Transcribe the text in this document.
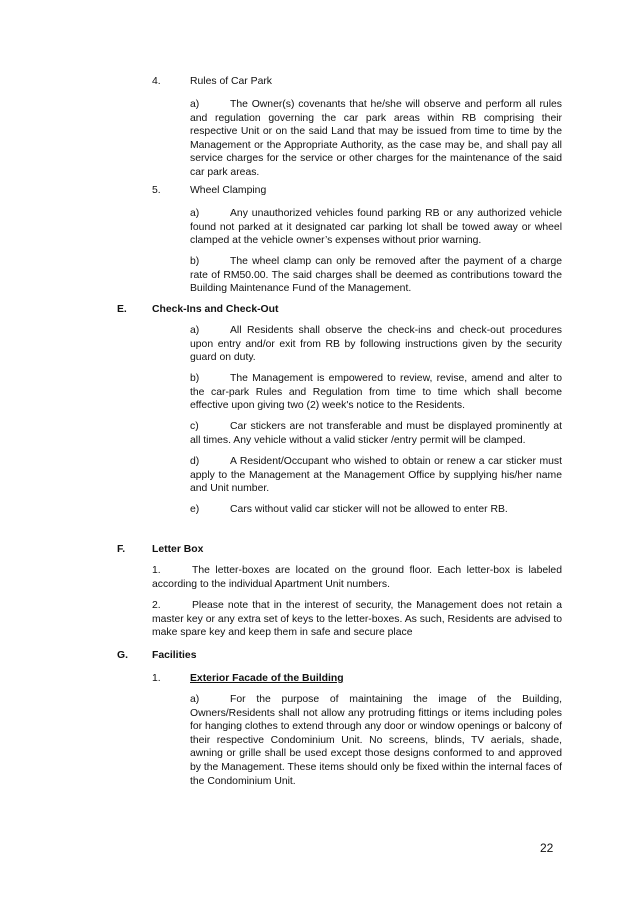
4.	Rules of Car Park
a)	The Owner(s) covenants that he/she will observe and perform all rules and regulation governing the car park areas within RB comprising their respective Unit or on the said Land that may be issued from time to time by the Management or the Appropriate Authority, as the case may be, and shall pay all service charges for the service or other charges for the maintenance of the said car park areas.
5.	Wheel Clamping
a)	Any unauthorized vehicles found parking RB or any authorized vehicle found not parked at it designated car parking lot shall be towed away or wheel clamped at the vehicle owner’s expenses without prior warning.
b)	The wheel clamp can only be removed after the payment of a charge rate of RM50.00. The said charges shall be deemed as contributions toward the Building Maintenance Fund of the Management.
E. Check-Ins and Check-Out
a)	All Residents shall observe the check-ins and check-out procedures upon entry and/or exit from RB by following instructions given by the security guard on duty.
b)	The Management is empowered to review, revise, amend and alter to the car-park Rules and Regulation from time to time which shall become effective upon giving two (2) week's notice to the Residents.
c)	Car stickers are not transferable and must be displayed prominently at all times. Any vehicle without a valid sticker /entry permit will be clamped.
d)	A Resident/Occupant who wished to obtain or renew a car sticker must apply to the Management at the Management Office by supplying his/her name and Unit number.
e)	Cars without valid car sticker will not be allowed to enter RB.
F.	Letter Box
1.	The letter-boxes are located on the ground floor. Each letter-box is labeled according to the individual Apartment Unit numbers.
2.	Please note that in the interest of security, the Management does not retain a master key or any extra set of keys to the letter-boxes. As such, Residents are advised to make spare key and keep them in safe and secure place
G. Facilities
1.	Exterior Facade of the Building
a)	For the purpose of maintaining the image of the Building, Owners/Residents shall not allow any protruding fittings or items including poles for hanging clothes to extend through any door or window openings or balcony of their respective Condominium Unit. No screens, blinds, TV aerials, shade, awning or grille shall be used except those designs conformed to and approved by the Management. These items should only be fixed within the internal faces of the Condominium Unit.
22
